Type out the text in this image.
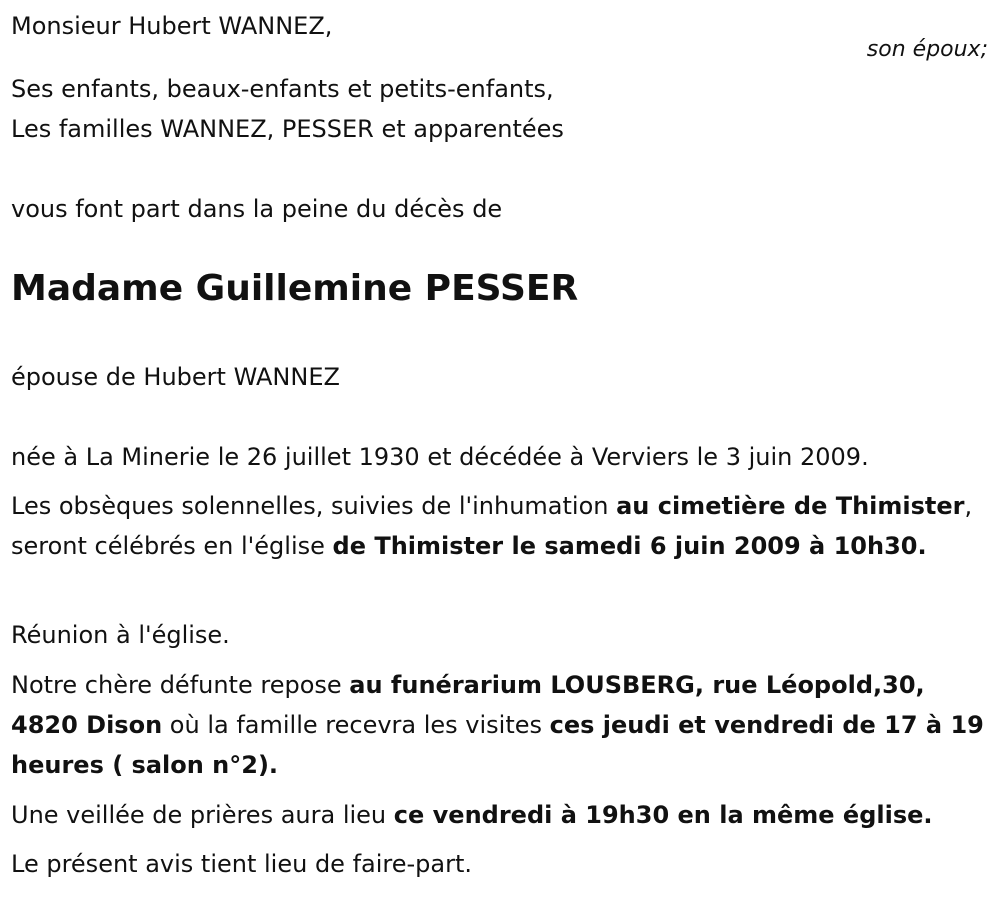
Monsieur Hubert WANNEZ,
son époux;
Ses enfants, beaux-enfants et petits-enfants,
Les familles WANNEZ, PESSER et apparentées
vous font part dans la peine du décès de
Madame Guillemine PESSER
épouse de Hubert WANNEZ
née à La Minerie le 26 juillet 1930 et décédée à Verviers le 3 juin 2009.
Les obsèques solennelles, suivies de l'inhumation au cimetière de Thimister, seront célébrés en l'église de Thimister le samedi 6 juin 2009 à 10h30.
Réunion à l'église.
Notre chère défunte repose au funérarium LOUSBERG, rue Léopold,30, 4820 Dison où la famille recevra les visites ces jeudi et vendredi de 17 à 19 heures ( salon n°2).
Une veillée de prières aura lieu ce vendredi à 19h30 en la même église.
Le présent avis tient lieu de faire-part.
